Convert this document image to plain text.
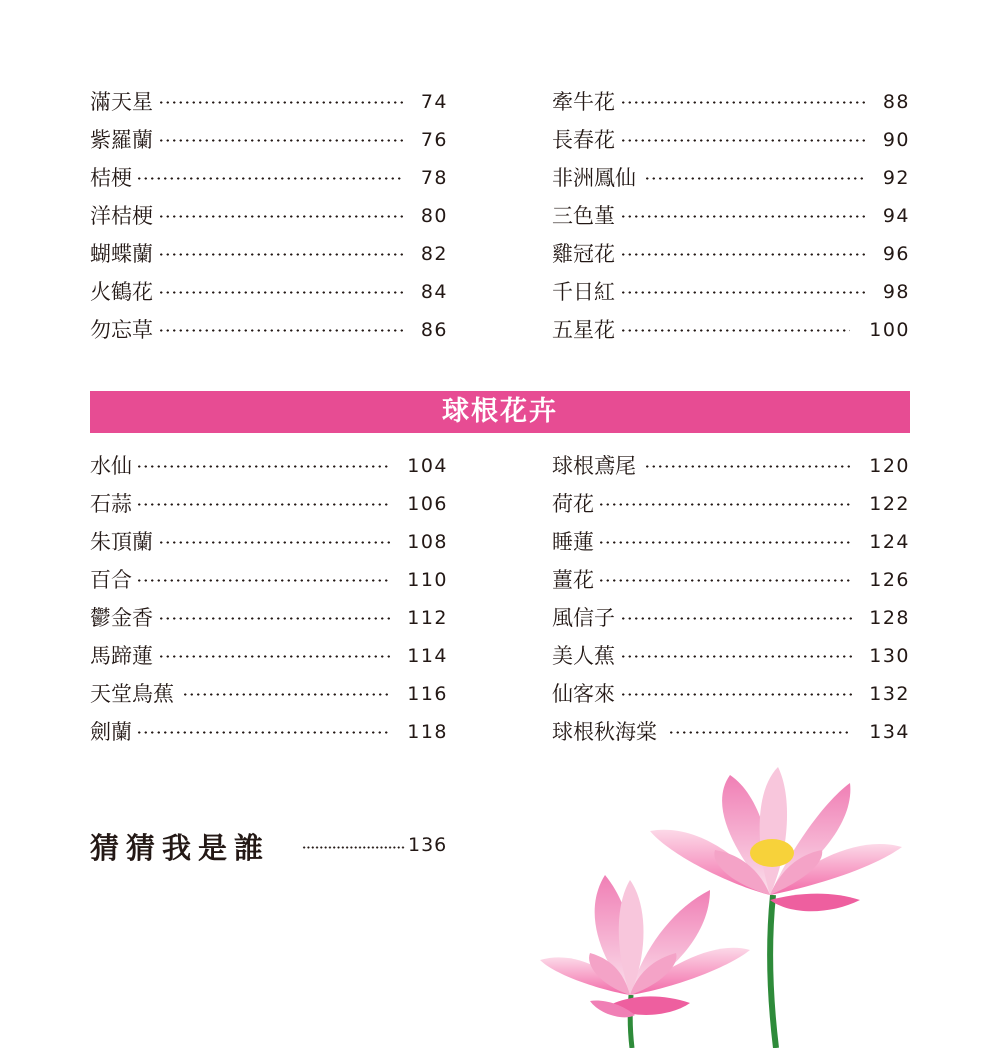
滿天星	74
紫羅蘭	76
桔梗	78
洋桔梗	80
蝴蝶蘭	82
火鶴花	84
勿忘草	86
牽牛花	88
長春花	90
非洲鳳仙	92
三色堇	94
雞冠花	96
千日紅	98
五星花	100
球根花卉
水仙	104
石蒜	106
朱頂蘭	108
百合	110
鬱金香	112
馬蹄蓮	114
天堂鳥蕉	116
劍蘭	118
球根鳶尾	120
荷花	122
睡蓮	124
薑花	126
風信子	128
美人蕉	130
仙客來	132
球根秋海棠	134
猜猜我是誰	136
